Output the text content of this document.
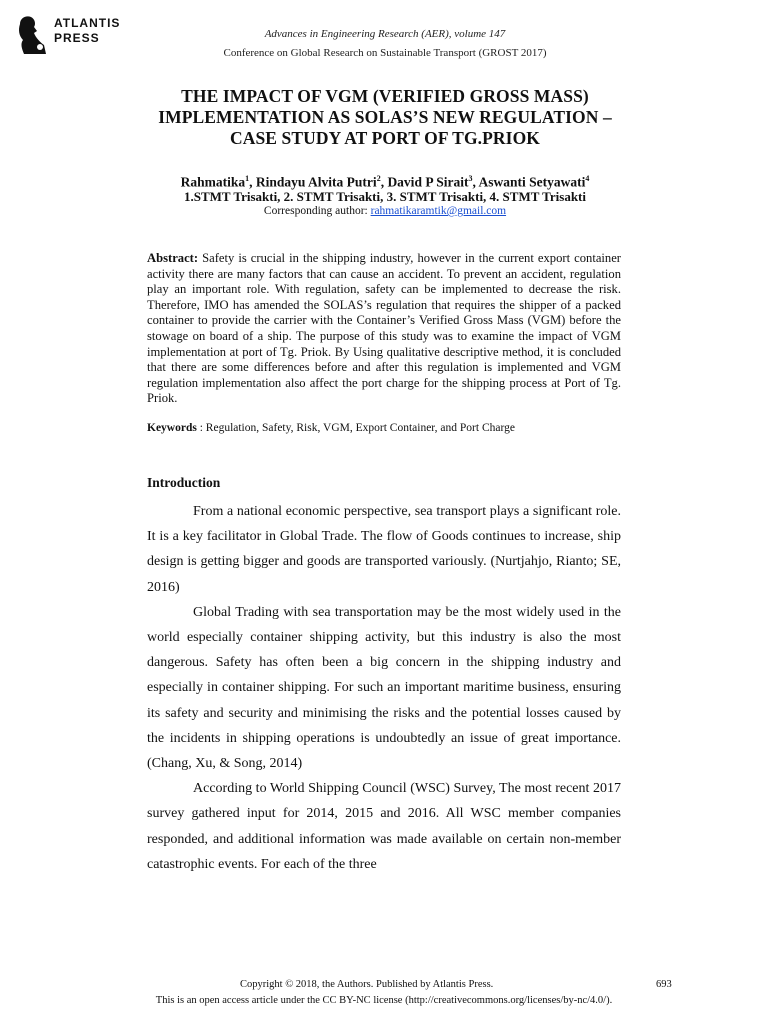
ATLANTIS
PRESS	Advances in Engineering Research (AER), volume 147
Conference on Global Research on Sustainable Transport (GROST 2017)
THE IMPACT OF VGM (VERIFIED GROSS MASS)
IMPLEMENTATION AS SOLAS’S NEW REGULATION –
CASE STUDY AT PORT OF TG.PRIOK
Rahmatika$^1$, Rindayu Alvita Putri$^2$, David P Sirait$^3$, Aswanti Setyawati$^4$
1.STMT Trisakti, 2. STMT Trisakti, 3. STMT Trisakti, 4. STMT Trisakti
Corresponding author: rahmatikaramtik@gmail.com
Abstract: Safety is crucial in the shipping industry, however in the current export container activity there are many factors that can cause an accident. To prevent an accident, regulation play an important role. With regulation, safety can be implemented to decrease the risk. Therefore, IMO has amended the SOLAS’s regulation that requires the shipper of a packed container to provide the carrier with the Container’s Verified Gross Mass (VGM) before the stowage on board of a ship. The purpose of this study was to examine the impact of VGM implementation at port of Tg. Priok. By Using qualitative descriptive method, it is concluded that there are some differences before and after this regulation is implemented and VGM regulation implementation also affect the port charge for the shipping process at Port of Tg. Priok.
Keywords : Regulation, Safety, Risk, VGM, Export Container, and Port Charge
Introduction

From a national economic perspective, sea transport plays a significant role. It is a key facilitator in Global Trade. The flow of Goods continues to increase, ship design is getting bigger and goods are transported variously. (Nurtjahjo, Rianto; SE, 2016)

Global Trading with sea transportation may be the most widely used in the world especially container shipping activity, but this industry is also the most dangerous. Safety has often been a big concern in the shipping industry and especially in container shipping. For such an important maritime business, ensuring its safety and security and minimising the risks and the potential losses caused by the incidents in shipping operations is undoubtedly an issue of great importance. (Chang, Xu, & Song, 2014)

According to World Shipping Council (WSC) Survey, The most recent 2017 survey gathered input for 2014, 2015 and 2016. All WSC member companies responded, and additional information was made available on certain non-member catastrophic events. For each of the three

Copyright © 2018, the Authors. Published by Atlantis Press.	693
This is an open access article under the CC BY-NC license (http://creativecommons.org/licenses/by-nc/4.0/).
